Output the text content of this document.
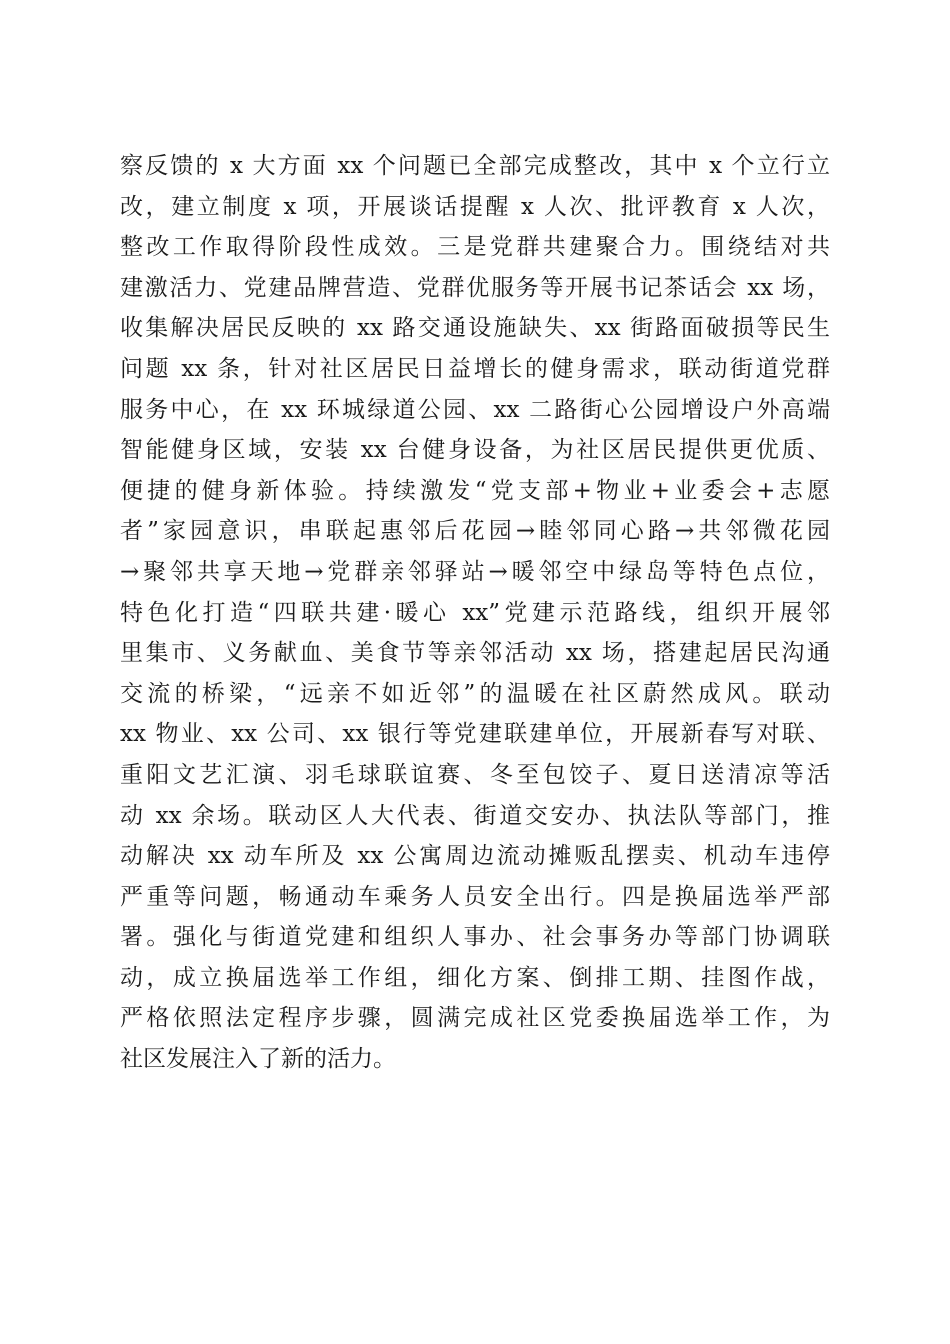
察反馈的 x 大方面 xx 个问题已全部完成整改，其中 x 个立行立
改，建立制度 x 项，开展谈话提醒 x 人次、批评教育 x 人次，
整改工作取得阶段性成效。三是党群共建聚合力。围绕结对共
建激活力、党建品牌营造、党群优服务等开展书记茶话会 xx 场，
收集解决居民反映的 xx 路交通设施缺失、xx 街路面破损等民生
问题 xx 条，针对社区居民日益增长的健身需求，联动街道党群
服务中心，在 xx 环城绿道公园、xx 二路街心公园增设户外高端
智能健身区域，安装 xx 台健身设备，为社区居民提供更优质、
便捷的健身新体验。持续激发“党支部+物业+业委会+志愿
者”家园意识，串联起惠邻后花园→睦邻同心路→共邻微花园
→聚邻共享天地→党群亲邻驿站→暖邻空中绿岛等特色点位，
特色化打造“四联共建·暖心 xx”党建示范路线，组织开展邻
里集市、义务献血、美食节等亲邻活动 xx 场，搭建起居民沟通
交流的桥梁，“远亲不如近邻”的温暖在社区蔚然成风。联动
xx 物业、xx 公司、xx 银行等党建联建单位，开展新春写对联、
重阳文艺汇演、羽毛球联谊赛、冬至包饺子、夏日送清凉等活
动 xx 余场。联动区人大代表、街道交安办、执法队等部门，推
动解决 xx 动车所及 xx 公寓周边流动摊贩乱摆卖、机动车违停
严重等问题，畅通动车乘务人员安全出行。四是换届选举严部
署。强化与街道党建和组织人事办、社会事务办等部门协调联
动，成立换届选举工作组，细化方案、倒排工期、挂图作战，
严格依照法定程序步骤，圆满完成社区党委换届选举工作，为
社区发展注入了新的活力。
